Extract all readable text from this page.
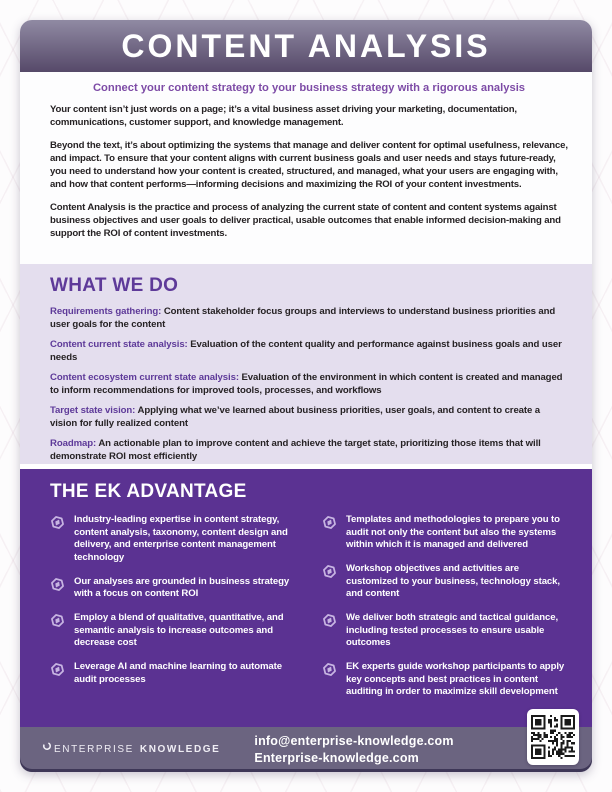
CONTENT ANALYSIS

Connect your content strategy to your business strategy with a rigorous analysis

Your content isn’t just words on a page; it’s a vital business asset driving your marketing, documentation, communications, customer support, and knowledge management.

Beyond the text, it’s about optimizing the systems that manage and deliver content for optimal usefulness, relevance, and impact. To ensure that your content aligns with current business goals and user needs and stays future-ready, you need to understand how your content is created, structured, and managed, what your users are engaging with, and how that content performs—informing decisions and maximizing the ROI of your content investments.

Content Analysis is the practice and process of analyzing the current state of content and content systems against business objectives and user goals to deliver practical, usable outcomes that enable informed decision-making and support the ROI of content investments.

WHAT WE DO

Requirements gathering: Content stakeholder focus groups and interviews to understand business priorities and user goals for the content

Content current state analysis: Evaluation of the content quality and performance against business goals and user needs

Content ecosystem current state analysis: Evaluation of the environment in which content is created and managed to inform recommendations for improved tools, processes, and workflows

Target state vision: Applying what we’ve learned about business priorities, user goals, and content to create a vision for fully realized content

Roadmap: An actionable plan to improve content and achieve the target state, prioritizing those items that will demonstrate ROI most efficiently

THE EK ADVANTAGE
Industry-leading expertise in content strategy, content analysis, taxonomy, content design and delivery, and enterprise content management technology
Our analyses are grounded in business strategy with a focus on content ROI
Employ a blend of qualitative, quantitative, and semantic analysis to increase outcomes and decrease cost
Leverage AI and machine learning to automate audit processes
Templates and methodologies to prepare you to audit not only the content but also the systems within which it is managed and delivered
Workshop objectives and activities are customized to your business, technology stack, and content
We deliver both strategic and tactical guidance, including tested processes to ensure usable outcomes
EK experts guide workshop participants to apply key concepts and best practices in content auditing in order to maximize skill development
ENTERPRISE KNOWLEDGE
info@enterprise-knowledge.com
Enterprise-knowledge.com
